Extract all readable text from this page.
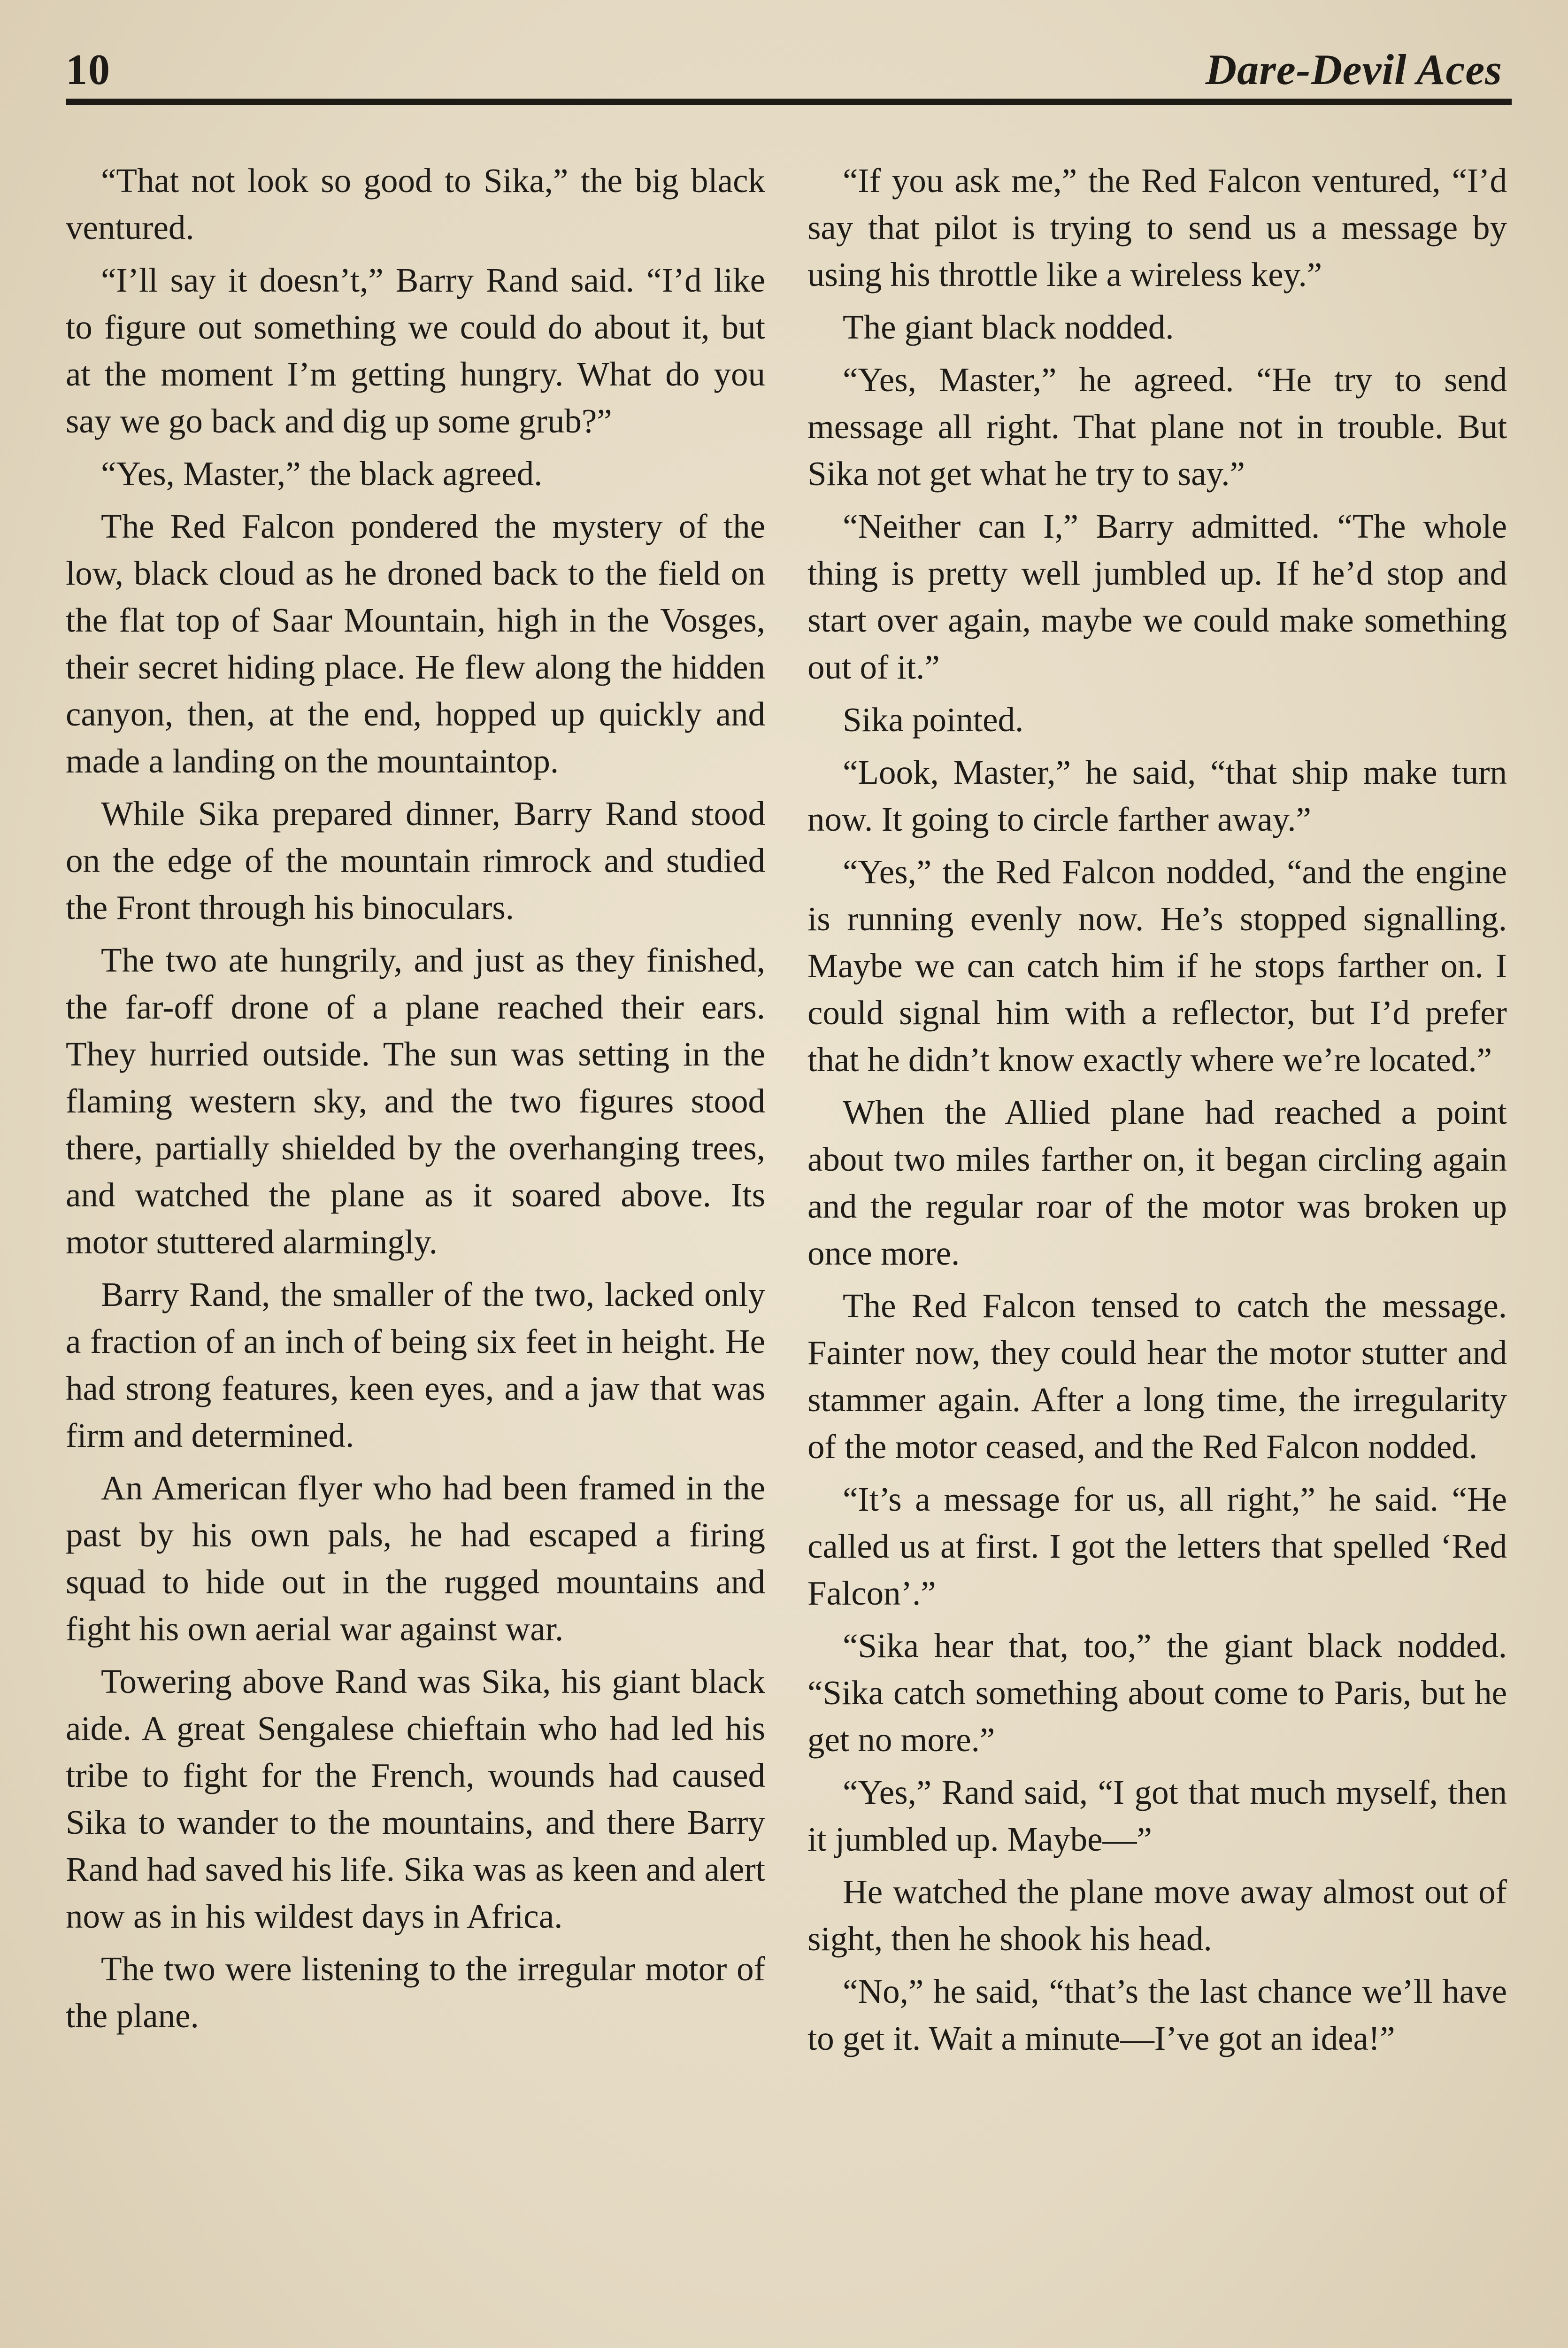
10	Dare-Devil Aces

“That not look so good to Sika,” the big black ventured.

“I’ll say it doesn’t,” Barry Rand said. “I’d like to figure out something we could do about it, but at the moment I’m getting hungry. What do you say we go back and dig up some grub?”

“Yes, Master,” the black agreed.

The Red Falcon pondered the mystery of the low, black cloud as he droned back to the field on the flat top of Saar Mountain, high in the Vosges, their secret hiding place. He flew along the hidden canyon, then, at the end, hopped up quickly and made a landing on the mountaintop.

While Sika prepared dinner, Barry Rand stood on the edge of the mountain rimrock and studied the Front through his binoculars.

The two ate hungrily, and just as they finished, the far-off drone of a plane reached their ears. They hurried outside. The sun was setting in the flaming western sky, and the two figures stood there, partially shielded by the overhanging trees, and watched the plane as it soared above. Its motor stuttered alarmingly.

Barry Rand, the smaller of the two, lacked only a fraction of an inch of being six feet in height. He had strong features, keen eyes, and a jaw that was firm and determined.

An American flyer who had been framed in the past by his own pals, he had escaped a firing squad to hide out in the rugged mountains and fight his own aerial war against war.

Towering above Rand was Sika, his giant black aide. A great Sengalese chieftain who had led his tribe to fight for the French, wounds had caused Sika to wander to the mountains, and there Barry Rand had saved his life. Sika was as keen and alert now as in his wildest days in Africa.

The two were listening to the irregular motor of the plane.

“If you ask me,” the Red Falcon ventured, “I’d say that pilot is trying to send us a message by using his throttle like a wireless key.”

The giant black nodded.

“Yes, Master,” he agreed. “He try to send message all right. That plane not in trouble. But Sika not get what he try to say.”

“Neither can I,” Barry admitted. “The whole thing is pretty well jumbled up. If he’d stop and start over again, maybe we could make something out of it.”

Sika pointed.

“Look, Master,” he said, “that ship make turn now. It going to circle farther away.”

“Yes,” the Red Falcon nodded, “and the engine is running evenly now. He’s stopped signalling. Maybe we can catch him if he stops farther on. I could signal him with a reflector, but I’d prefer that he didn’t know exactly where we’re located.”

When the Allied plane had reached a point about two miles farther on, it began circling again and the regular roar of the motor was broken up once more.

The Red Falcon tensed to catch the message. Fainter now, they could hear the motor stutter and stammer again. After a long time, the irregularity of the motor ceased, and the Red Falcon nodded.

“It’s a message for us, all right,” he said. “He called us at first. I got the letters that spelled ‘Red Falcon’.”

“Sika hear that, too,” the giant black nodded. “Sika catch something about come to Paris, but he get no more.”

“Yes,” Rand said, “I got that much myself, then it jumbled up. Maybe—”

He watched the plane move away almost out of sight, then he shook his head.

“No,” he said, “that’s the last chance we’ll have to get it. Wait a minute—I’ve got an idea!”
